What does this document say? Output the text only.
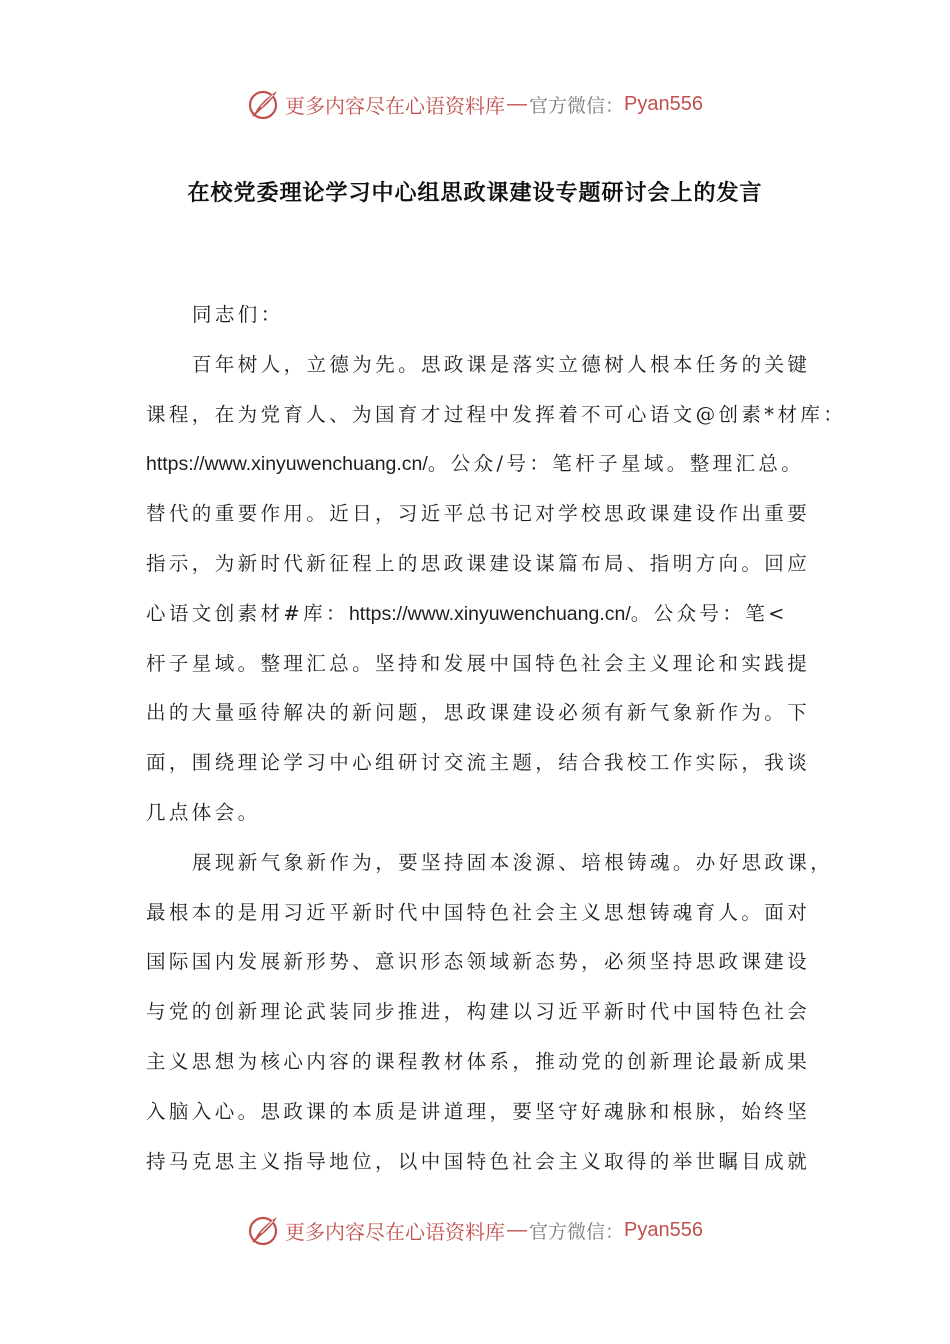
更多内容尽在心语资料库 — 官方微信： Pyan556
在校党委理论学习中心组思政课建设专题研讨会上的发言
同志们：
百年树人，立德为先。思政课是落实立德树人根本任务的关键
课程，在为党育人、为国育才过程中发挥着不可心语文@创素*材库：
https://www.xinyuwenchuang.cn/。公众/号：笔杆子星域。整理汇总。
替代的重要作用。近日，习近平总书记对学校思政课建设作出重要
指示，为新时代新征程上的思政课建设谋篇布局、指明方向。回应
心语文创素材#库：https://www.xinyuwenchuang.cn/。公众号：笔<
杆子星域。整理汇总。坚持和发展中国特色社会主义理论和实践提
出的大量亟待解决的新问题，思政课建设必须有新气象新作为。下
面，围绕理论学习中心组研讨交流主题，结合我校工作实际，我谈
几点体会。
展现新气象新作为，要坚持固本浚源、培根铸魂。办好思政课，
最根本的是用习近平新时代中国特色社会主义思想铸魂育人。面对
国际国内发展新形势、意识形态领域新态势，必须坚持思政课建设
与党的创新理论武装同步推进，构建以习近平新时代中国特色社会
主义思想为核心内容的课程教材体系，推动党的创新理论最新成果
入脑入心。思政课的本质是讲道理，要坚守好魂脉和根脉，始终坚
持马克思主义指导地位，以中国特色社会主义取得的举世瞩目成就
更多内容尽在心语资料库 — 官方微信： Pyan556
